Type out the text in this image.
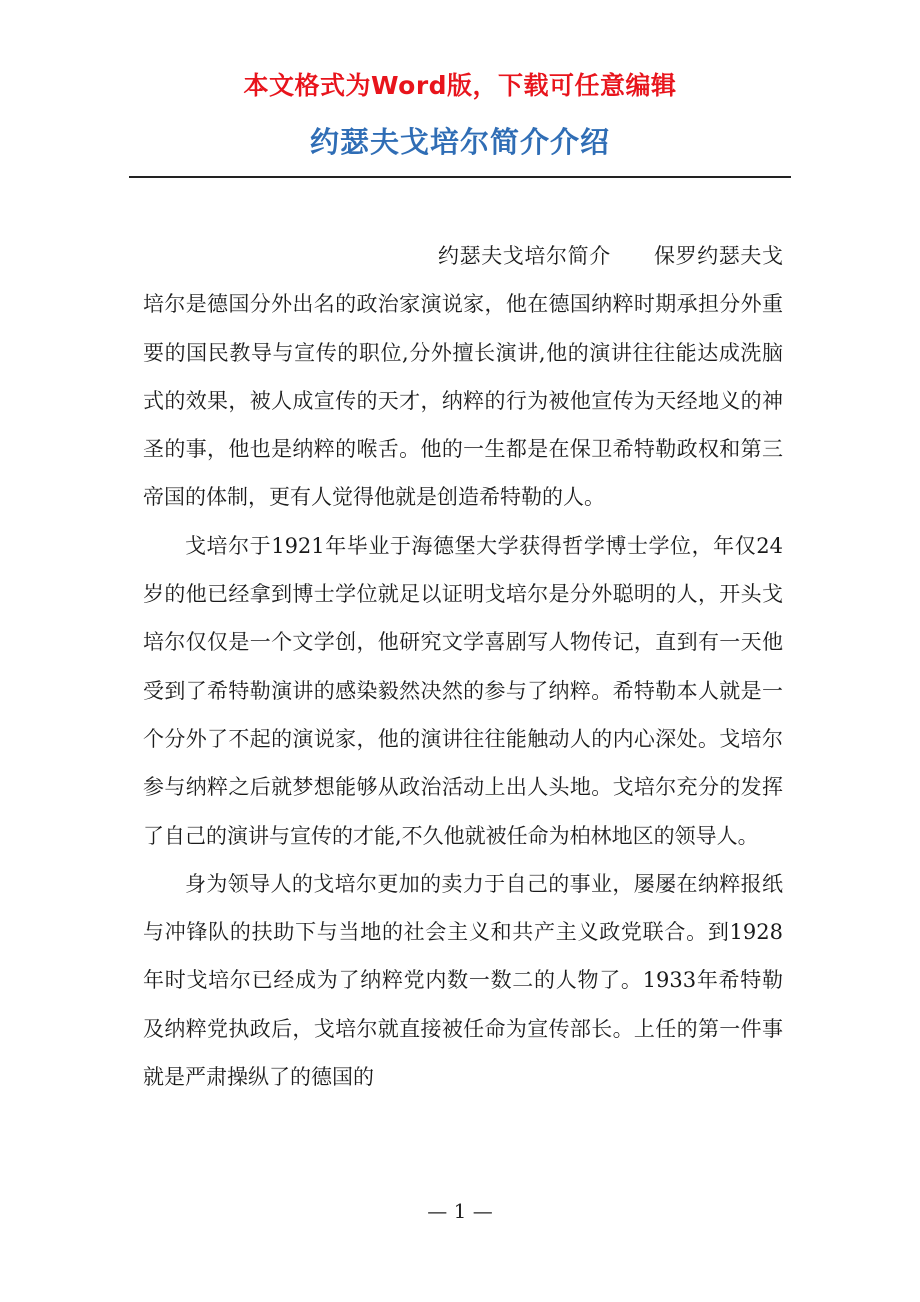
本文格式为Word版，下载可任意编辑
约瑟夫戈培尔简介介绍

约瑟夫戈培尔简介　　保罗约瑟夫戈培尔是德国分外出名的政治家演说家，他在德国纳粹时期承担分外重要的国民教导与宣传的职位,分外擅长演讲,他的演讲往往能达成洗脑式的效果，被人成宣传的天才，纳粹的行为被他宣传为天经地义的神圣的事，他也是纳粹的喉舌。他的一生都是在保卫希特勒政权和第三帝国的体制，更有人觉得他就是创造希特勒的人。

戈培尔于1921年毕业于海德堡大学获得哲学博士学位，年仅24岁的他已经拿到博士学位就足以证明戈培尔是分外聪明的人，开头戈培尔仅仅是一个文学创，他研究文学喜剧写人物传记，直到有一天他受到了希特勒演讲的感染毅然决然的参与了纳粹。希特勒本人就是一个分外了不起的演说家，他的演讲往往能触动人的内心深处。戈培尔参与纳粹之后就梦想能够从政治活动上出人头地。戈培尔充分的发挥了自己的演讲与宣传的才能,不久他就被任命为柏林地区的领导人。

身为领导人的戈培尔更加的卖力于自己的事业，屡屡在纳粹报纸与冲锋队的扶助下与当地的社会主义和共产主义政党联合。到1928年时戈培尔已经成为了纳粹党内数一数二的人物了。1933年希特勒及纳粹党执政后，戈培尔就直接被任命为宣传部长。上任的第一件事就是严肃操纵了的德国的

— 1 —
